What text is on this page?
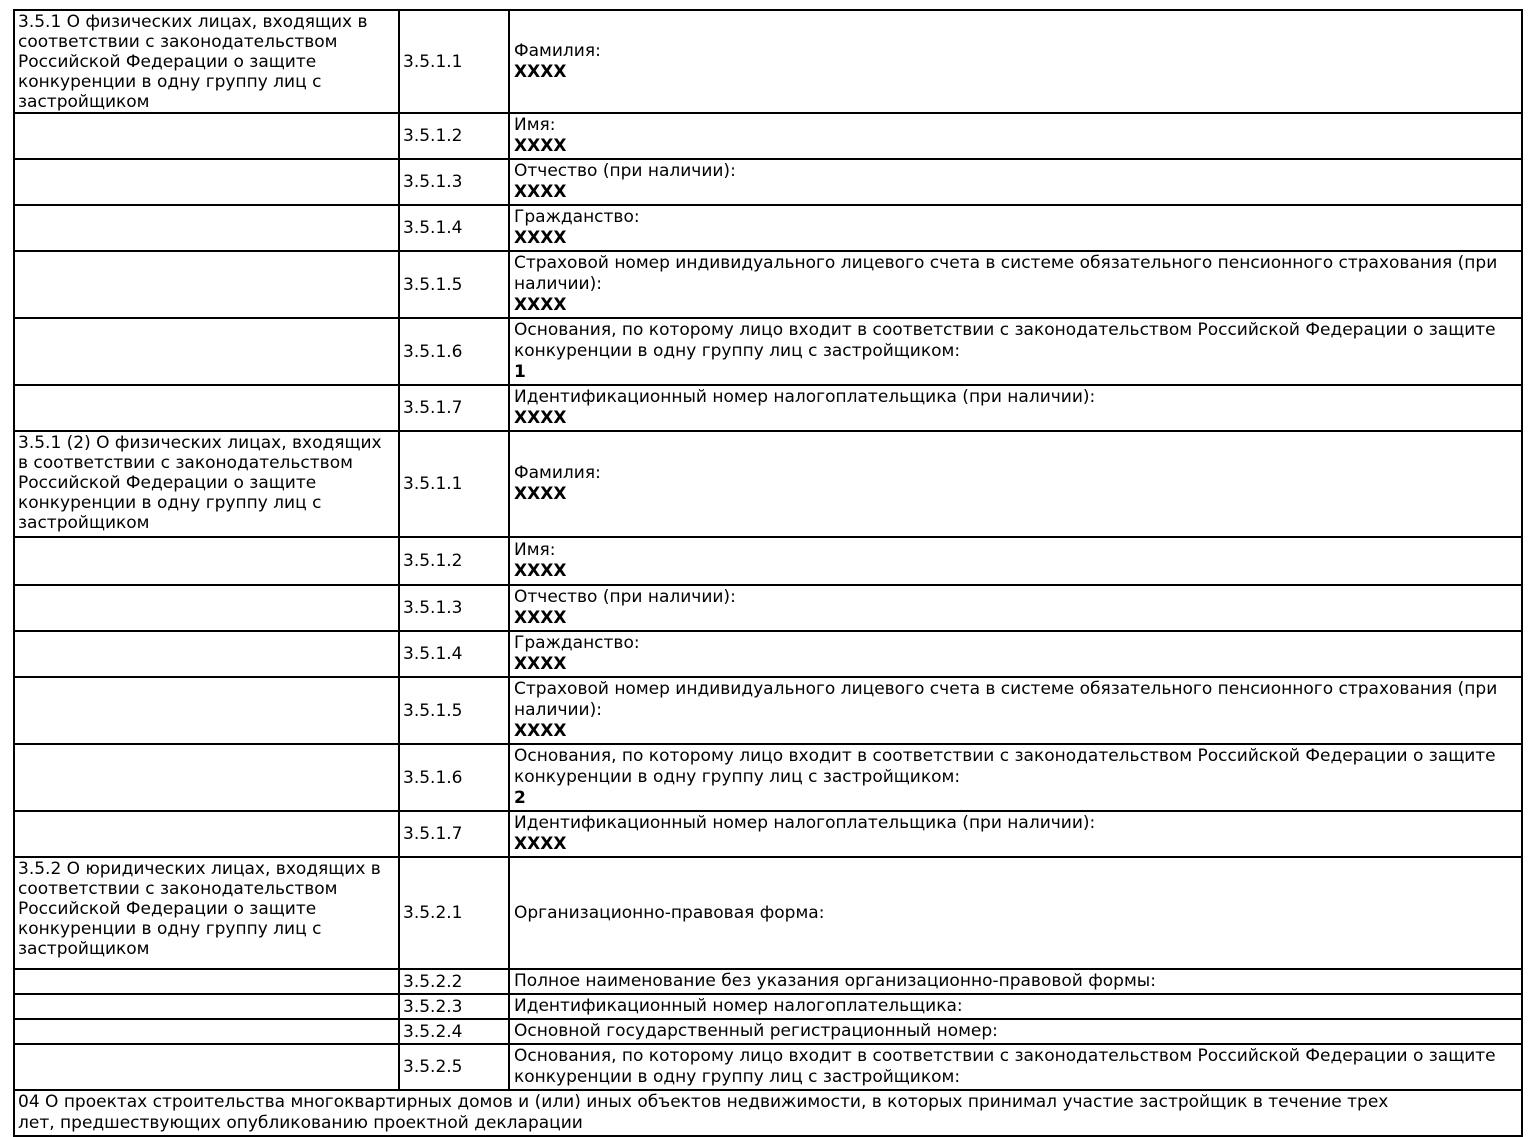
3.5.1 О физических лицах, входящих в соответствии с законодательством Российской Федерации о защите конкуренции в одну группу лиц с застройщиком	3.5.1.1	Фамилия:
XXXX

	3.5.1.2	Имя:
XXXX

	3.5.1.3	Отчество (при наличии):
XXXX

	3.5.1.4	Гражданство:
XXXX

	3.5.1.5	Страховой номер индивидуального лицевого счета в системе обязательного пенсионного страхования (при наличии):
XXXX

	3.5.1.6	Основания, по которому лицо входит в соответствии с законодательством Российской Федерации о защите конкуренции в одну группу лиц с застройщиком:
1

	3.5.1.7	Идентификационный номер налогоплательщика (при наличии):
XXXX

3.5.1 (2) О физических лицах, входящих в соответствии с законодательством Российской Федерации о защите конкуренции в одну группу лиц с застройщиком	3.5.1.1	Фамилия:
XXXX

	3.5.1.2	Имя:
XXXX

	3.5.1.3	Отчество (при наличии):
XXXX

	3.5.1.4	Гражданство:
XXXX

	3.5.1.5	Страховой номер индивидуального лицевого счета в системе обязательного пенсионного страхования (при наличии):
XXXX

	3.5.1.6	Основания, по которому лицо входит в соответствии с законодательством Российской Федерации о защите конкуренции в одну группу лиц с застройщиком:
2

	3.5.1.7	Идентификационный номер налогоплательщика (при наличии):
XXXX

3.5.2 О юридических лицах, входящих в соответствии с законодательством Российской Федерации о защите конкуренции в одну группу лиц с застройщиком	3.5.2.1	Организационно-правовая форма:

	3.5.2.2	Полное наименование без указания организационно-правовой формы:

	3.5.2.3	Идентификационный номер налогоплательщика:

	3.5.2.4	Основной государственный регистрационный номер:

	3.5.2.5	Основания, по которому лицо входит в соответствии с законодательством Российской Федерации о защите конкуренции в одну группу лиц с застройщиком:

04 О проектах строительства многоквартирных домов и (или) иных объектов недвижимости, в которых принимал участие застройщик в течение трех лет, предшествующих опубликованию проектной декларации		
